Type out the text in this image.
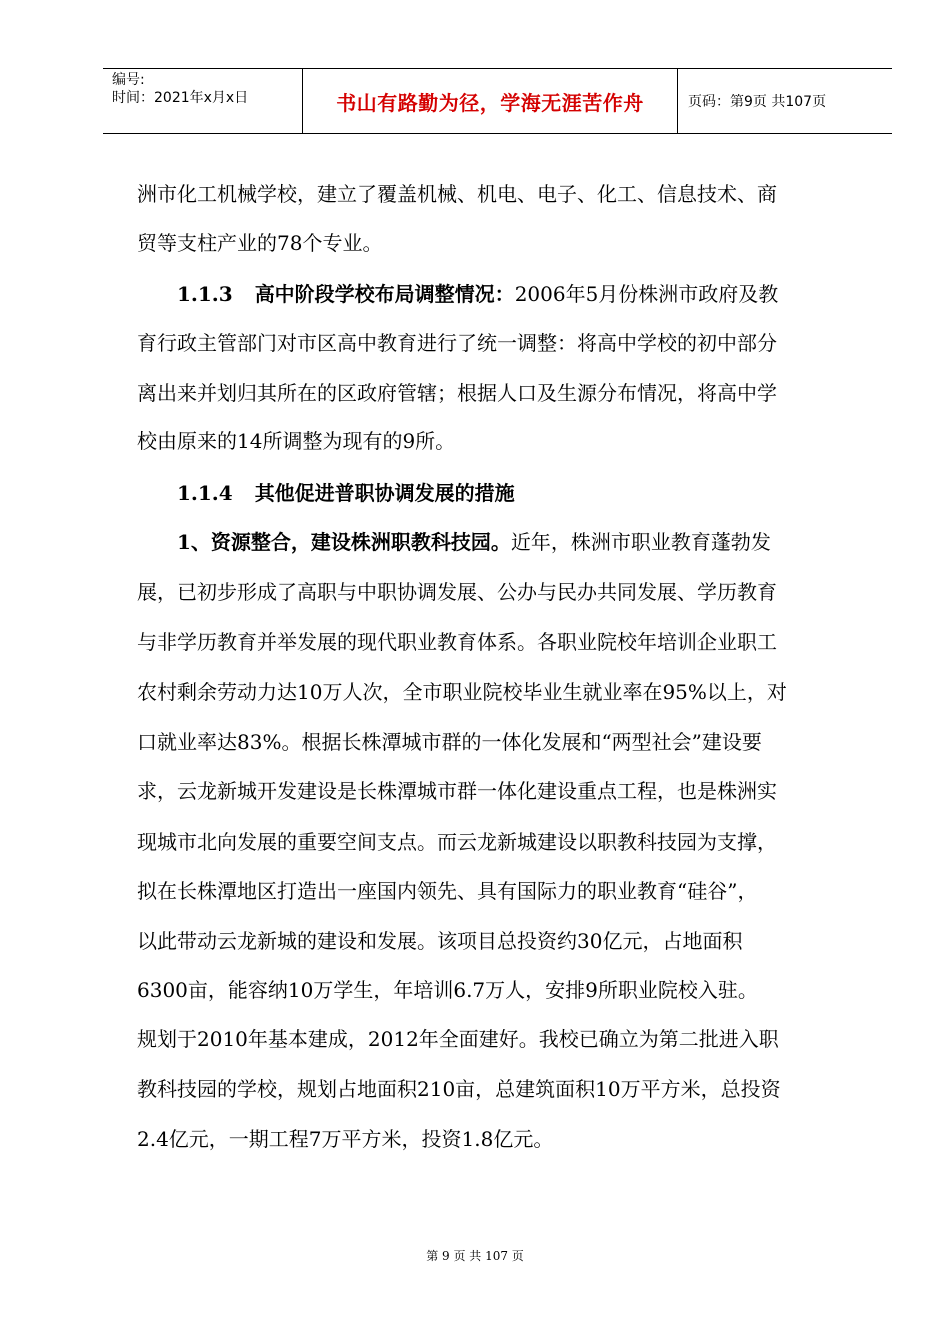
编号:
时间：2021年x月x日	书山有路勤为径，学海无涯苦作舟	页码：第9页 共107页
洲市化工机械学校，建立了覆盖机械、机电、电子、化工、信息技术、商
贸等支柱产业的78个专业。
1.1.3 高中阶段学校布局调整情况：2006年5月份株洲市政府及教
育行政主管部门对市区高中教育进行了统一调整：将高中学校的初中部分
离出来并划归其所在的区政府管辖；根据人口及生源分布情况，将高中学
校由原来的14所调整为现有的9所。
1.1.4 其他促进普职协调发展的措施
1、资源整合，建设株洲职教科技园。近年，株洲市职业教育蓬勃发
展，已初步形成了高职与中职协调发展、公办与民办共同发展、学历教育
与非学历教育并举发展的现代职业教育体系。各职业院校年培训企业职工
农村剩余劳动力达10万人次，全市职业院校毕业生就业率在95%以上，对
口就业率达83%。根据长株潭城市群的一体化发展和“两型社会”建设要
求，云龙新城开发建设是长株潭城市群一体化建设重点工程，也是株洲实
现城市北向发展的重要空间支点。而云龙新城建设以职教科技园为支撑，
拟在长株潭地区打造出一座国内领先、具有国际力的职业教育“硅谷”，
以此带动云龙新城的建设和发展。该项目总投资约30亿元，占地面积
6300亩，能容纳10万学生，年培训6.7万人，安排9所职业院校入驻。
规划于2010年基本建成，2012年全面建好。我校已确立为第二批进入职
教科技园的学校，规划占地面积210亩，总建筑面积10万平方米，总投资
2.4亿元，一期工程7万平方米，投资1.8亿元。
第 9 页 共 107 页
